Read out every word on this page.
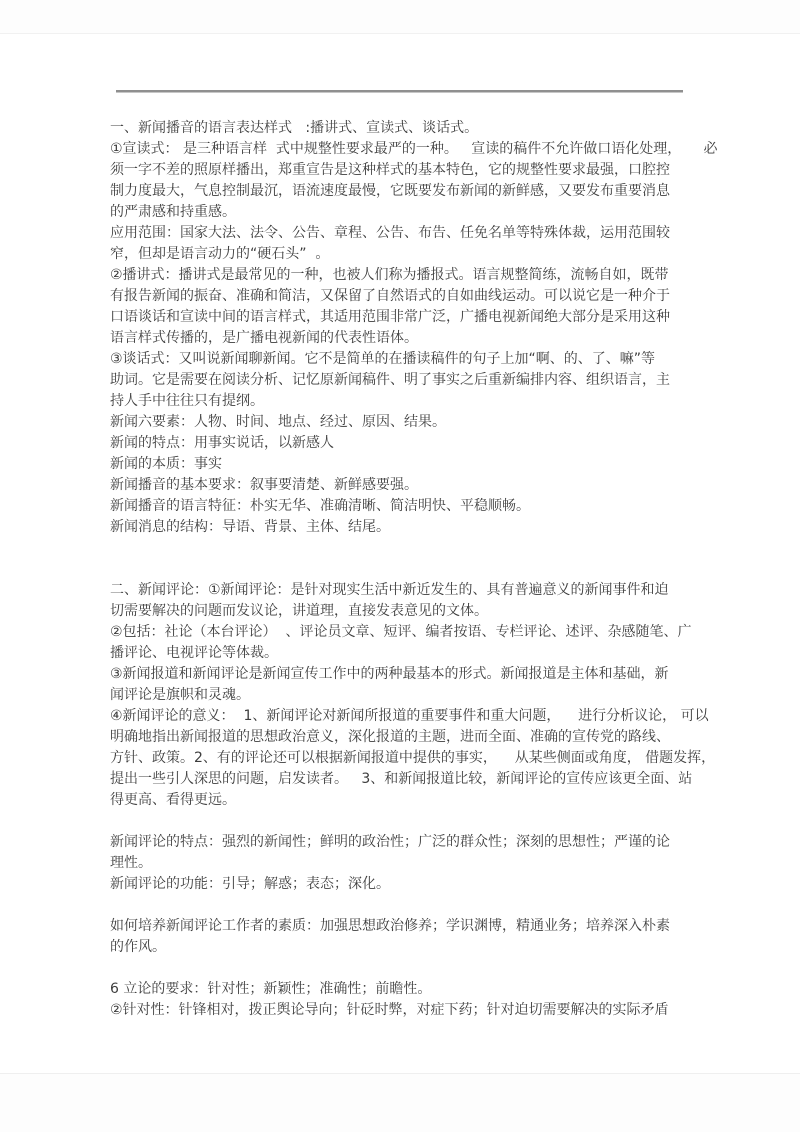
一、新闻播音的语言表达样式   :播讲式、宣读式、谈话式。
①宣读式： 是三种语言样  式中规整性要求最严的一种。   宣读的稿件不允许做口语化处理，     必
须一字不差的照原样播出，郑重宣告是这种样式的基本特色，它的规整性要求最强，口腔控
制力度最大，气息控制最沉，语流速度最慢，它既要发布新闻的新鲜感，又要发布重要消息
的严肃感和持重感。
应用范围：国家大法、法令、公告、章程、公告、布告、任免名单等特殊体裁，运用范围较
窄，但却是语言动力的“硬石头”  。
②播讲式：播讲式是最常见的一种，也被人们称为播报式。语言规整简练，流畅自如，既带
有报告新闻的振奋、准确和简洁，又保留了自然语式的自如曲线运动。可以说它是一种介于
口语谈话和宣读中间的语言样式，其适用范围非常广泛，广播电视新闻绝大部分是采用这种
语言样式传播的，是广播电视新闻的代表性语体。
③谈话式：又叫说新闻聊新闻。它不是简单的在播读稿件的句子上加“啊、的、了、嘛”等
助词。它是需要在阅读分析、记忆原新闻稿件、明了事实之后重新编排内容、组织语言，主
持人手中往往只有提纲。
新闻六要素：人物、时间、地点、经过、原因、结果。
新闻的特点：用事实说话，以新感人
新闻的本质：事实
新闻播音的基本要求：叙事要清楚、新鲜感要强。
新闻播音的语言特征：朴实无华、准确清晰、简洁明快、平稳顺畅。
新闻消息的结构：导语、背景、主体、结尾。
二、新闻评论：①新闻评论：是针对现实生活中新近发生的、具有普遍意义的新闻事件和迫
切需要解决的问题而发议论，讲道理，直接发表意见的文体。
②包括：社论（本台评论）  、评论员文章、短评、编者按语、专栏评论、述评、杂感随笔、广
播评论、电视评论等体裁。
③新闻报道和新闻评论是新闻宣传工作中的两种最基本的形式。新闻报道是主体和基础，新
闻评论是旗帜和灵魂。
④新闻评论的意义：  1、新闻评论对新闻所报道的重要事件和重大问题，    进行分析议论， 可以
明确地指出新闻报道的思想政治意义，深化报道的主题，进而全面、准确的宣传党的路线、
方针、政策。2、有的评论还可以根据新闻报道中提供的事实，    从某些侧面或角度， 借题发挥，
提出一些引人深思的问题，启发读者。   3、和新闻报道比较，新闻评论的宣传应该更全面、站
得更高、看得更远。
新闻评论的特点：强烈的新闻性；鲜明的政治性；广泛的群众性；深刻的思想性；严谨的论
理性。
新闻评论的功能：引导；解惑；表态；深化。
如何培养新闻评论工作者的素质：加强思想政治修养；学识渊博，精通业务；培养深入朴素
的作风。
6 立论的要求：针对性；新颖性；准确性；前瞻性。
②针对性：针锋相对，拨正舆论导向；针砭时弊，对症下药；针对迫切需要解决的实际矛盾
